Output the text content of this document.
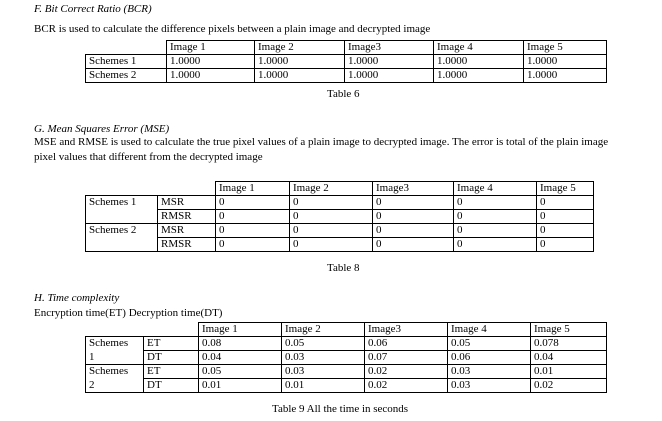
F. Bit Correct Ratio (BCR)
BCR is used to calculate the difference pixels between a plain image and decrypted image
	Image 1	Image 2	Image3	Image 4	Image 5
Schemes 1	1.0000	1.0000	1.0000	1.0000	1.0000
Schemes 2	1.0000	1.0000	1.0000	1.0000	1.0000
Table 6
G. Mean Squares Error (MSE)
MSE and RMSE is used to calculate the true pixel values of a plain image to decrypted image. The error is total of the plain image
pixel values that different from the decrypted image
		Image 1	Image 2	Image3	Image 4	Image 5
Schemes 1	MSR	0	0	0	0	0
	RMSR	0	0	0	0	0
Schemes 2	MSR	0	0	0	0	0
	RMSR	0	0	0	0	0
Table 8
H. Time complexity
Encryption time(ET) Decryption time(DT)
		Image 1	Image 2	Image3	Image 4	Image 5
Schemes	ET	0.08	0.05	0.06	0.05	0.078
1	DT	0.04	0.03	0.07	0.06	0.04
Schemes	ET	0.05	0.03	0.02	0.03	0.01
2	DT	0.01	0.01	0.02	0.03	0.02
Table 9 All the time in seconds
